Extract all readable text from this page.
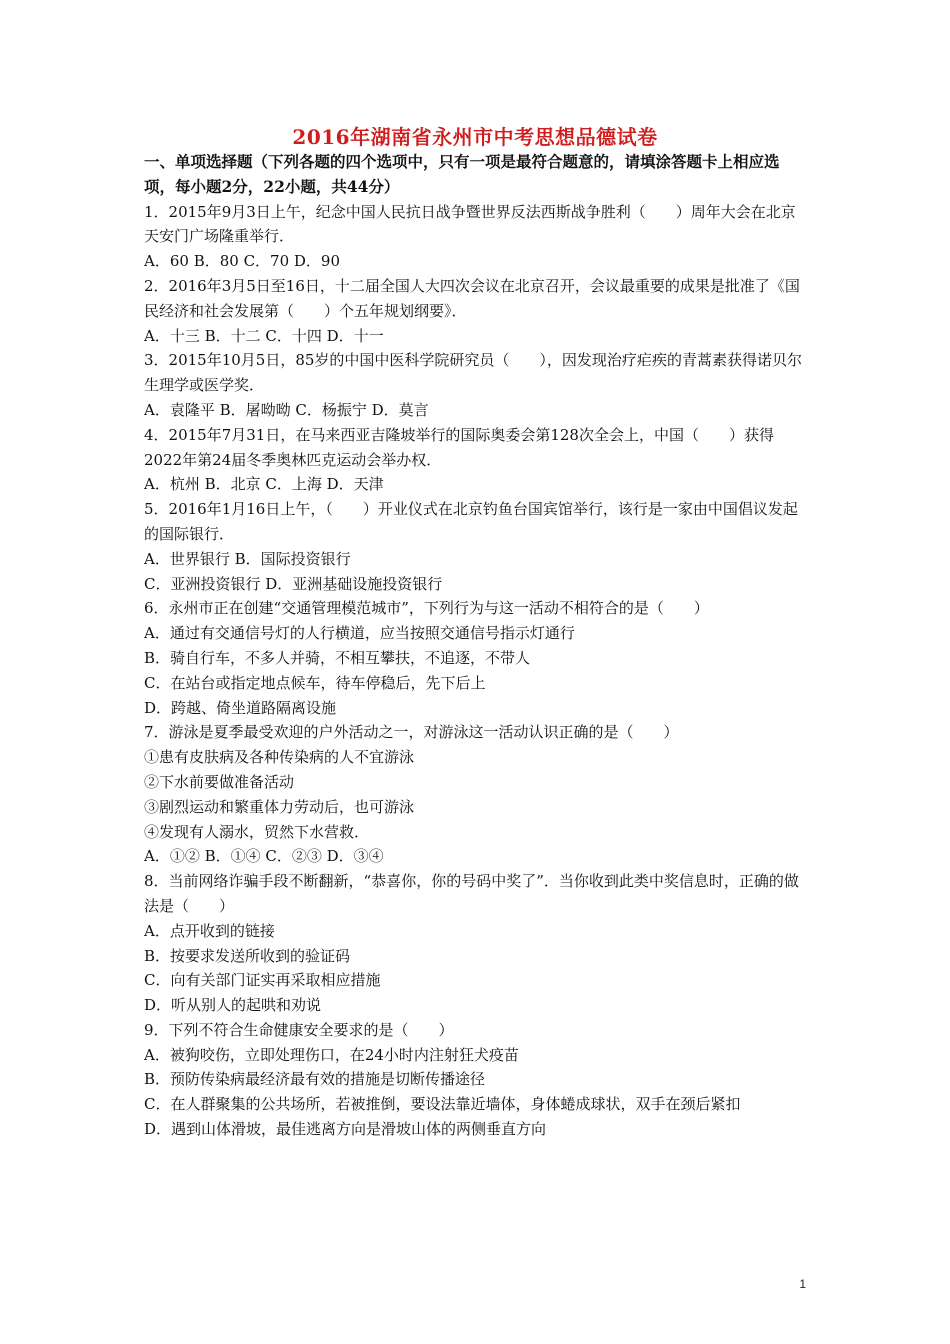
2016年湖南省永州市中考思想品德试卷

一、单项选择题（下列各题的四个选项中，只有一项是最符合题意的，请填涂答题卡上相应选项，每小题2分，22小题，共44分）

1．2015年9月3日上午，纪念中国人民抗日战争暨世界反法西斯战争胜利（　　）周年大会在北京天安门广场隆重举行．

A．60 B．80 C．70 D．90

2．2016年3月5日至16日，十二届全国人大四次会议在北京召开，会议最重要的成果是批准了《国民经济和社会发展第（　　）个五年规划纲要》．

A．十三 B．十二 C．十四 D．十一

3．2015年10月5日，85岁的中国中医科学院研究员（　　），因发现治疗疟疾的青蒿素获得诺贝尔生理学或医学奖．

A．袁隆平 B．屠呦呦 C．杨振宁 D．莫言

4．2015年7月31日，在马来西亚吉隆坡举行的国际奥委会第128次全会上，中国（　　）获得2022年第24届冬季奥林匹克运动会举办权．

A．杭州 B．北京 C．上海 D．天津

5．2016年1月16日上午，（　　）开业仪式在北京钓鱼台国宾馆举行，该行是一家由中国倡议发起的国际银行．

A．世界银行 B．国际投资银行

C．亚洲投资银行 D．亚洲基础设施投资银行

6．永州市正在创建“交通管理模范城市”，下列行为与这一活动不相符合的是（　　）

A．通过有交通信号灯的人行横道，应当按照交通信号指示灯通行

B．骑自行车，不多人并骑，不相互攀扶，不追逐，不带人

C．在站台或指定地点候车，待车停稳后，先下后上

D．跨越、倚坐道路隔离设施

7．游泳是夏季最受欢迎的户外活动之一，对游泳这一活动认识正确的是（　　）

①患有皮肤病及各种传染病的人不宜游泳

②下水前要做准备活动

③剧烈运动和繁重体力劳动后，也可游泳

④发现有人溺水，贸然下水营救．

A．①② B．①④ C．②③ D．③④

8．当前网络诈骗手段不断翻新，“恭喜你，你的号码中奖了”．当你收到此类中奖信息时，正确的做法是（　　）

A．点开收到的链接

B．按要求发送所收到的验证码

C．向有关部门证实再采取相应措施

D．听从别人的起哄和劝说

9．下列不符合生命健康安全要求的是（　　）

A．被狗咬伤，立即处理伤口，在24小时内注射狂犬疫苗

B．预防传染病最经济最有效的措施是切断传播途径

C．在人群聚集的公共场所，若被推倒，要设法靠近墙体，身体蜷成球状，双手在颈后紧扣

D．遇到山体滑坡，最佳逃离方向是滑坡山体的两侧垂直方向

1
